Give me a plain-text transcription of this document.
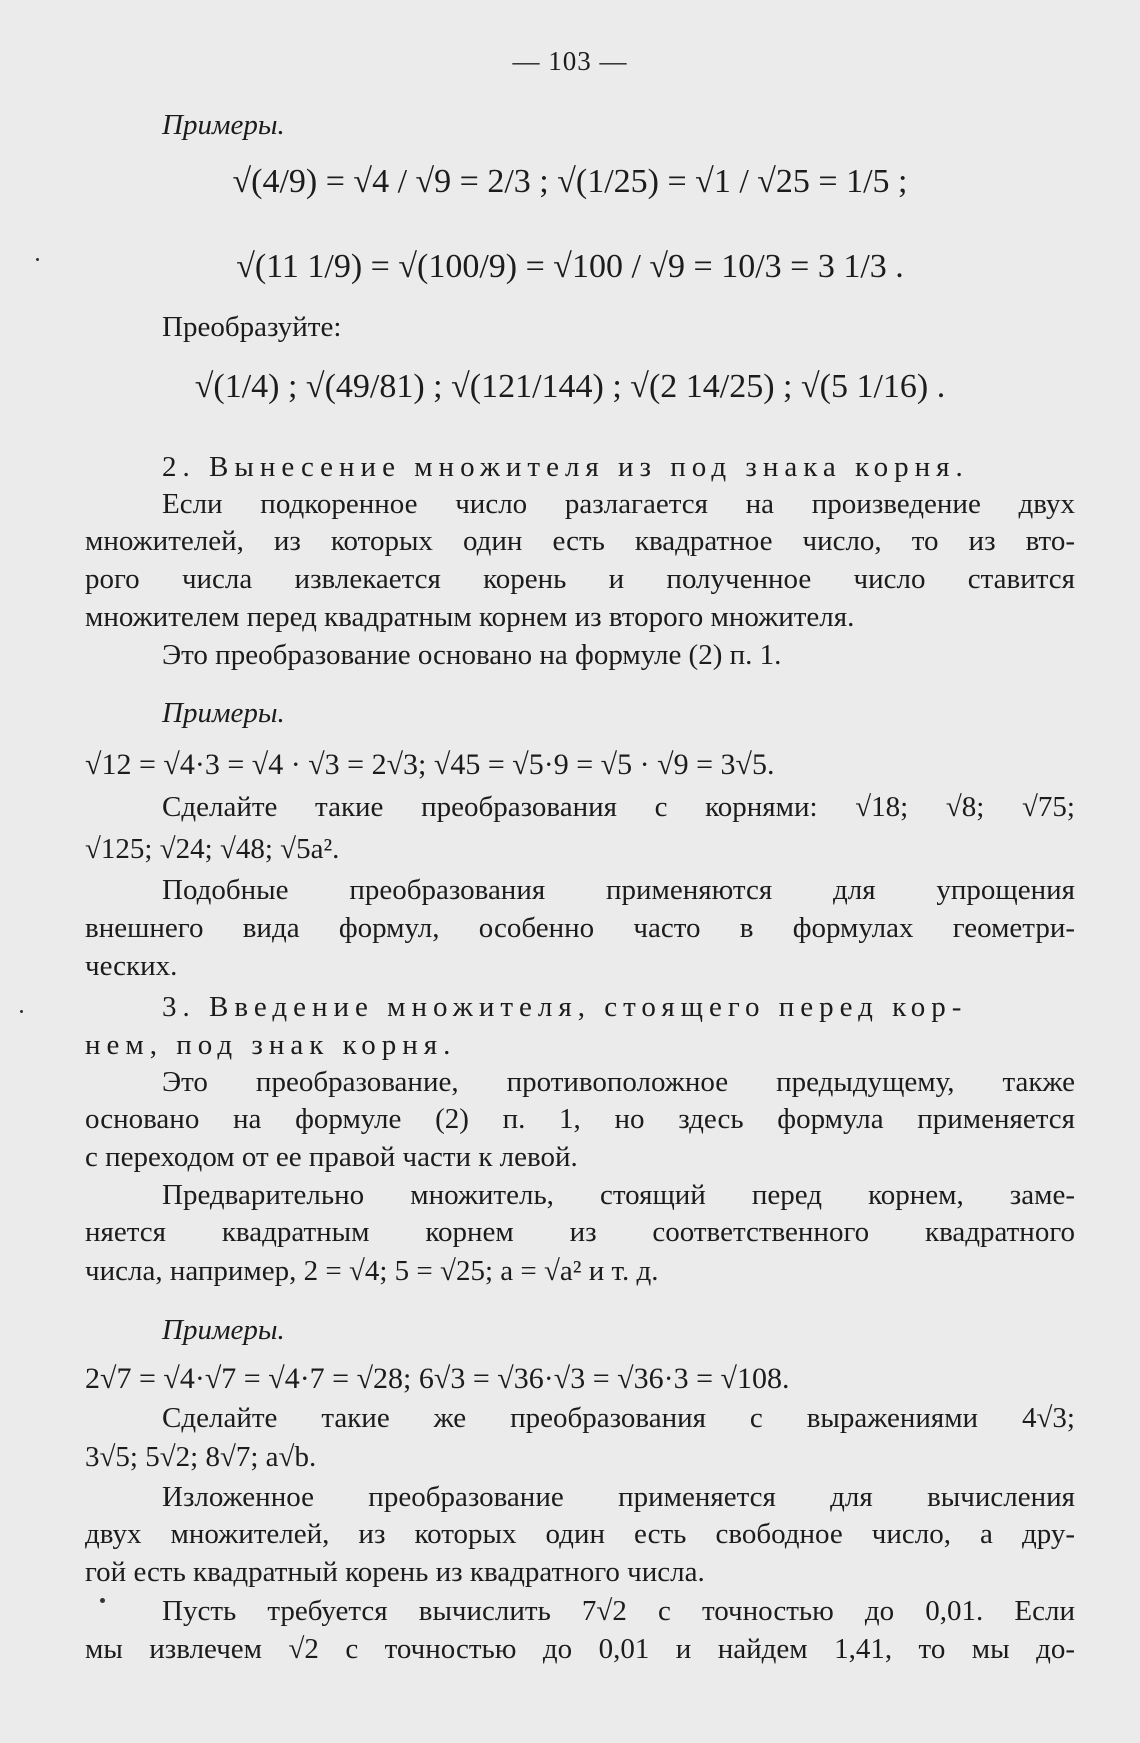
— 103 —
Примеры.
√(4/9) = √4 / √9 = 2/3 ; √(1/25) = √1 / √25 = 1/5 ;
√(11 1/9) = √(100/9) = √100 / √9 = 10/3 = 3 1/3 .
Преобразуйте:
√(1/4) ; √(49/81) ; √(121/144) ; √(2 14/25) ; √(5 1/16) .
2. Вынесение множителя из под знака корня.
Если подкоренное число разлагается на произведение двух
множителей, из которых один есть квадратное число, то из вто-
рого числа извлекается корень и полученное число ставится
множителем перед квадратным корнем из второго множителя.
Это преобразование основано на формуле (2) п. 1.
Примеры.
√12 = √4·3 = √4 · √3 = 2√3; √45 = √5·9 = √5 · √9 = 3√5.
Сделайте такие преобразования с корнями: √18; √8; √75;
√125; √24; √48; √5a².
Подобные преобразования применяются для упрощения
внешнего вида формул, особенно часто в формулах геометри-
ческих.
3. Введение множителя, стоящего перед кор-
нем, под знак корня.
Это преобразование, противоположное предыдущему, также
основано на формуле (2) п. 1, но здесь формула применяется
с переходом от ее правой части к левой.
Предварительно множитель, стоящий перед корнем, заме-
няется квадратным корнем из соответственного квадратного
числа, например, 2 = √4; 5 = √25; a = √a² и т. д.
Примеры.
2√7 = √4·√7 = √4·7 = √28; 6√3 = √36·√3 = √36·3 = √108.
Сделайте такие же преобразования с выражениями 4√3;
3√5; 5√2; 8√7; a√b.
Изложенное преобразование применяется для вычисления
двух множителей, из которых один есть свободное число, а дру-
гой есть квадратный корень из квадратного числа.
Пусть требуется вычислить 7√2 с точностью до 0,01. Если
мы извлечем √2 с точностью до 0,01 и найдем 1,41, то мы до-
